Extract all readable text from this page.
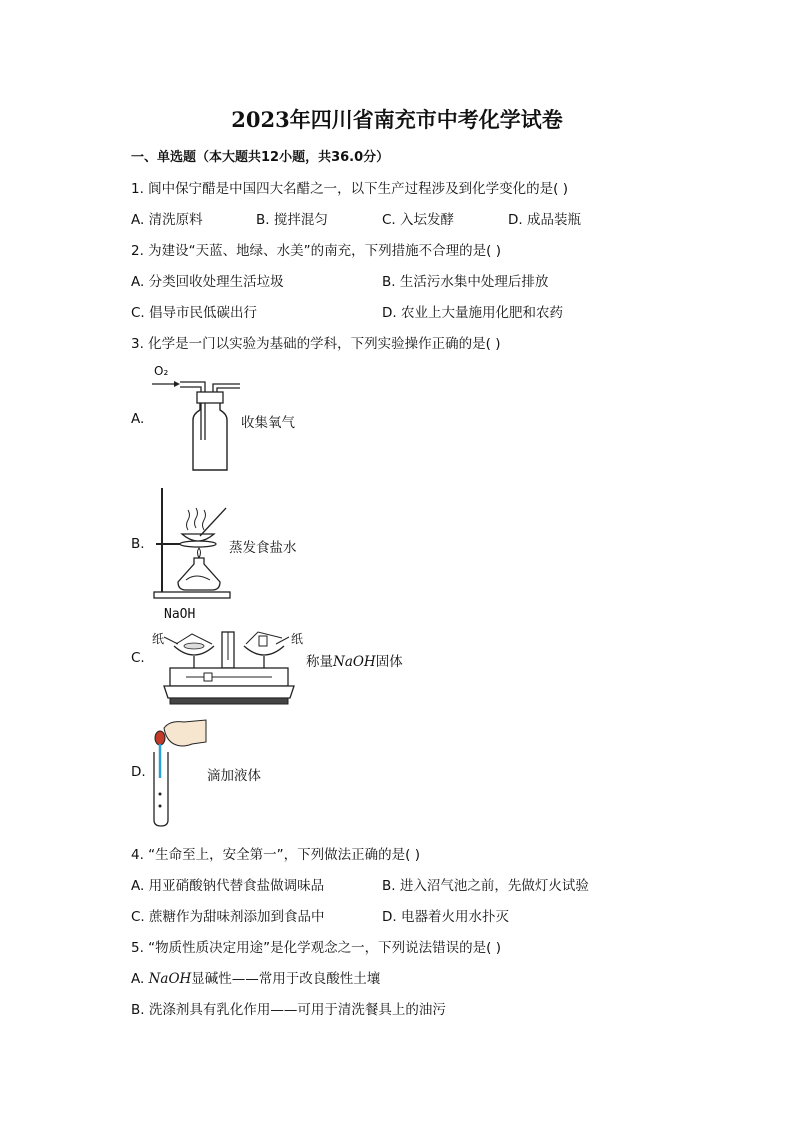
2023年四川省南充市中考化学试卷
一、单选题（本大题共12小题，共36.0分）
1. 阆中保宁醋是中国四大名醋之一，以下生产过程涉及到化学变化的是( )
A. 清洗原料	B. 搅拌混匀	C. 入坛发酵	D. 成品装瓶
2. 为建设“天蓝、地绿、水美”的南充，下列措施不合理的是( )
A. 分类回收处理生活垃圾	B. 生活污水集中处理后排放
C. 倡导市民低碳出行	D. 农业上大量施用化肥和农药
3. 化学是一门以实验为基础的学科，下列实验操作正确的是( )
O₂
A.	收集氧气
B.	蒸发食盐水
NaOH
纸	纸
C.	称量NaOH固体
D.	滴加液体
4. “生命至上，安全第一”，下列做法正确的是( )
A. 用亚硝酸钠代替食盐做调味品	B. 进入沼气池之前，先做灯火试验
C. 蔗糖作为甜味剂添加到食品中	D. 电器着火用水扑灭
5. “物质性质决定用途”是化学观念之一，下列说法错误的是( )
A. NaOH显碱性——常用于改良酸性土壤
B. 洗涤剂具有乳化作用——可用于清洗餐具上的油污
